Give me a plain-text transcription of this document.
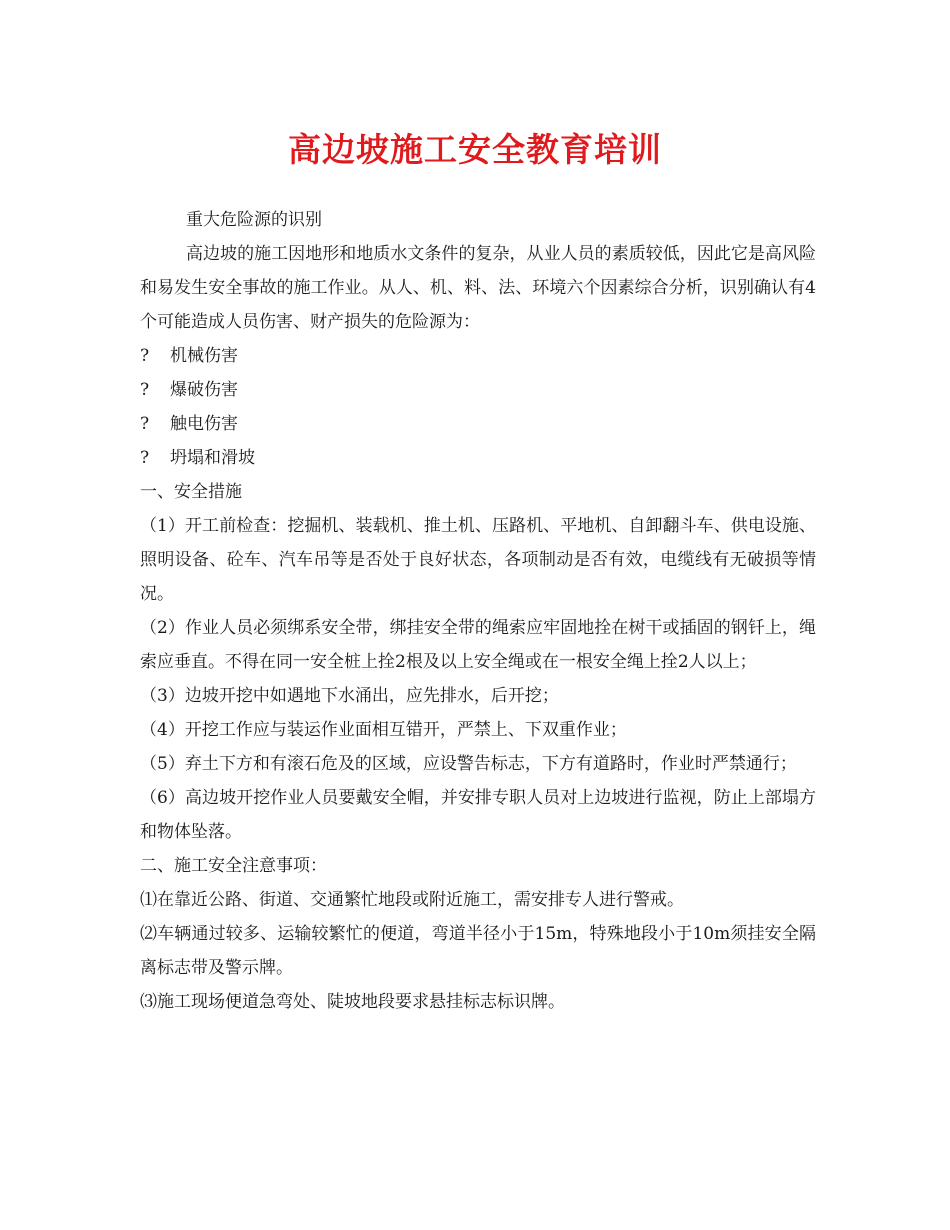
高边坡施工安全教育培训

重大危险源的识别

高边坡的施工因地形和地质水文条件的复杂，从业人员的素质较低，因此它是高风险和易发生安全事故的施工作业。从人、机、料、法、环境六个因素综合分析，识别确认有4个可能造成人员伤害、财产损失的危险源为：

?	机械伤害
?	爆破伤害
?	触电伤害
?	坍塌和滑坡

一、安全措施

（1）开工前检查：挖掘机、装载机、推土机、压路机、平地机、自卸翻斗车、供电设施、照明设备、砼车、汽车吊等是否处于良好状态，各项制动是否有效，电缆线有无破损等情况。

（2）作业人员必须绑系安全带，绑挂安全带的绳索应牢固地拴在树干或插固的钢钎上，绳索应垂直。不得在同一安全桩上拴2根及以上安全绳或在一根安全绳上拴2人以上；

（3）边坡开挖中如遇地下水涌出，应先排水，后开挖；

（4）开挖工作应与装运作业面相互错开，严禁上、下双重作业；

（5）弃土下方和有滚石危及的区域，应设警告标志，下方有道路时，作业时严禁通行；

（6）高边坡开挖作业人员要戴安全帽，并安排专职人员对上边坡进行监视，防止上部塌方和物体坠落。

二、施工安全注意事项：

⑴在靠近公路、街道、交通繁忙地段或附近施工，需安排专人进行警戒。

⑵车辆通过较多、运输较繁忙的便道，弯道半径小于15m，特殊地段小于10m须挂安全隔离标志带及警示牌。

⑶施工现场便道急弯处、陡坡地段要求悬挂标志标识牌。
